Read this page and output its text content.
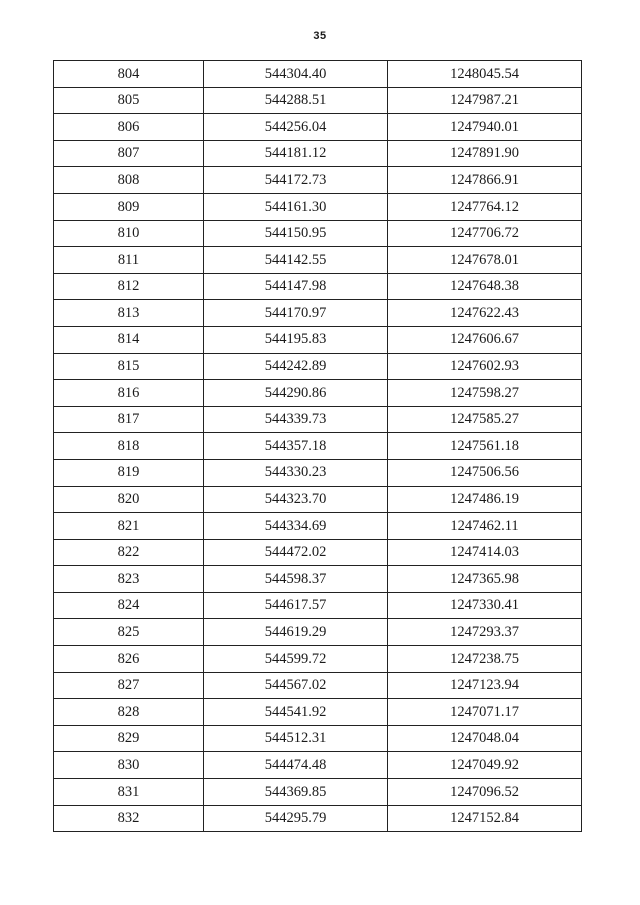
35
804	544304.40	1248045.54
805	544288.51	1247987.21
806	544256.04	1247940.01
807	544181.12	1247891.90
808	544172.73	1247866.91
809	544161.30	1247764.12
810	544150.95	1247706.72
811	544142.55	1247678.01
812	544147.98	1247648.38
813	544170.97	1247622.43
814	544195.83	1247606.67
815	544242.89	1247602.93
816	544290.86	1247598.27
817	544339.73	1247585.27
818	544357.18	1247561.18
819	544330.23	1247506.56
820	544323.70	1247486.19
821	544334.69	1247462.11
822	544472.02	1247414.03
823	544598.37	1247365.98
824	544617.57	1247330.41
825	544619.29	1247293.37
826	544599.72	1247238.75
827	544567.02	1247123.94
828	544541.92	1247071.17
829	544512.31	1247048.04
830	544474.48	1247049.92
831	544369.85	1247096.52
832	544295.79	1247152.84
